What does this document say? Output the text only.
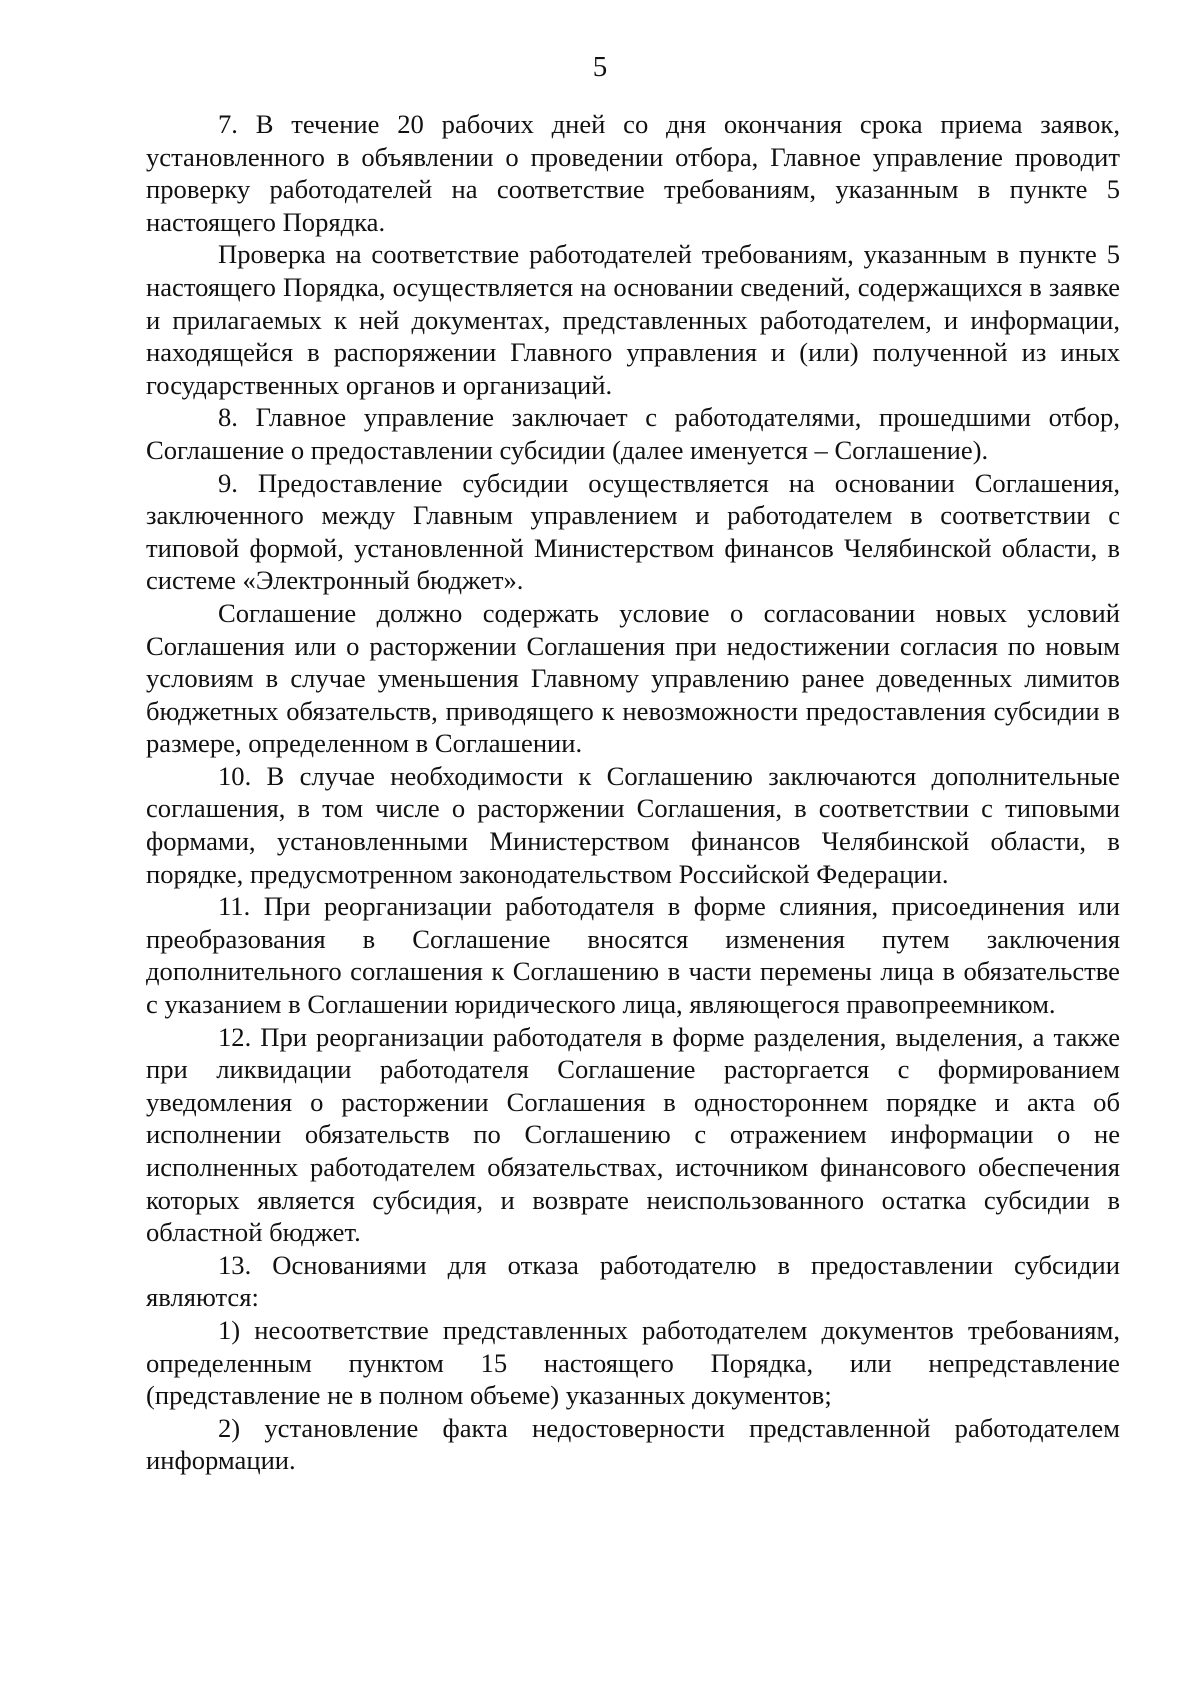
5

7. В течение 20 рабочих дней со дня окончания срока приема заявок, установленного в объявлении о проведении отбора, Главное управление проводит проверку работодателей на соответствие требованиям, указанным в пункте 5 настоящего Порядка.

Проверка на соответствие работодателей требованиям, указанным в пункте 5 настоящего Порядка, осуществляется на основании сведений, содержащихся в заявке и прилагаемых к ней документах, представленных работодателем, и информации, находящейся в распоряжении Главного управления и (или) полученной из иных государственных органов и организаций.

8. Главное управление заключает с работодателями, прошедшими отбор, Соглашение о предоставлении субсидии (далее именуется – Соглашение).

9. Предоставление субсидии осуществляется на основании Соглашения, заключенного между Главным управлением и работодателем в соответствии с типовой формой, установленной Министерством финансов Челябинской области, в системе «Электронный бюджет».

Соглашение должно содержать условие о согласовании новых условий Соглашения или о расторжении Соглашения при недостижении согласия по новым условиям в случае уменьшения Главному управлению ранее доведенных лимитов бюджетных обязательств, приводящего к невозможности предоставления субсидии в размере, определенном в Соглашении.

10. В случае необходимости к Соглашению заключаются дополнительные соглашения, в том числе о расторжении Соглашения, в соответствии с типовыми формами, установленными Министерством финансов Челябинской области, в порядке, предусмотренном законодательством Российской Федерации.

11. При реорганизации работодателя в форме слияния, присоединения или преобразования в Соглашение вносятся изменения путем заключения дополнительного соглашения к Соглашению в части перемены лица в обязательстве с указанием в Соглашении юридического лица, являющегося правопреемником.

12. При реорганизации работодателя в форме разделения, выделения, а также при ликвидации работодателя Соглашение расторгается с формированием уведомления о расторжении Соглашения в одностороннем порядке и акта об исполнении обязательств по Соглашению с отражением информации о не исполненных работодателем обязательствах, источником финансового обеспечения которых является субсидия, и возврате неиспользованного остатка субсидии в областной бюджет.

13. Основаниями для отказа работодателю в предоставлении субсидии являются:

1) несоответствие представленных работодателем документов требованиям, определенным пунктом 15 настоящего Порядка, или непредставление (представление не в полном объеме) указанных документов;

2) установление факта недостоверности представленной работодателем информации.
